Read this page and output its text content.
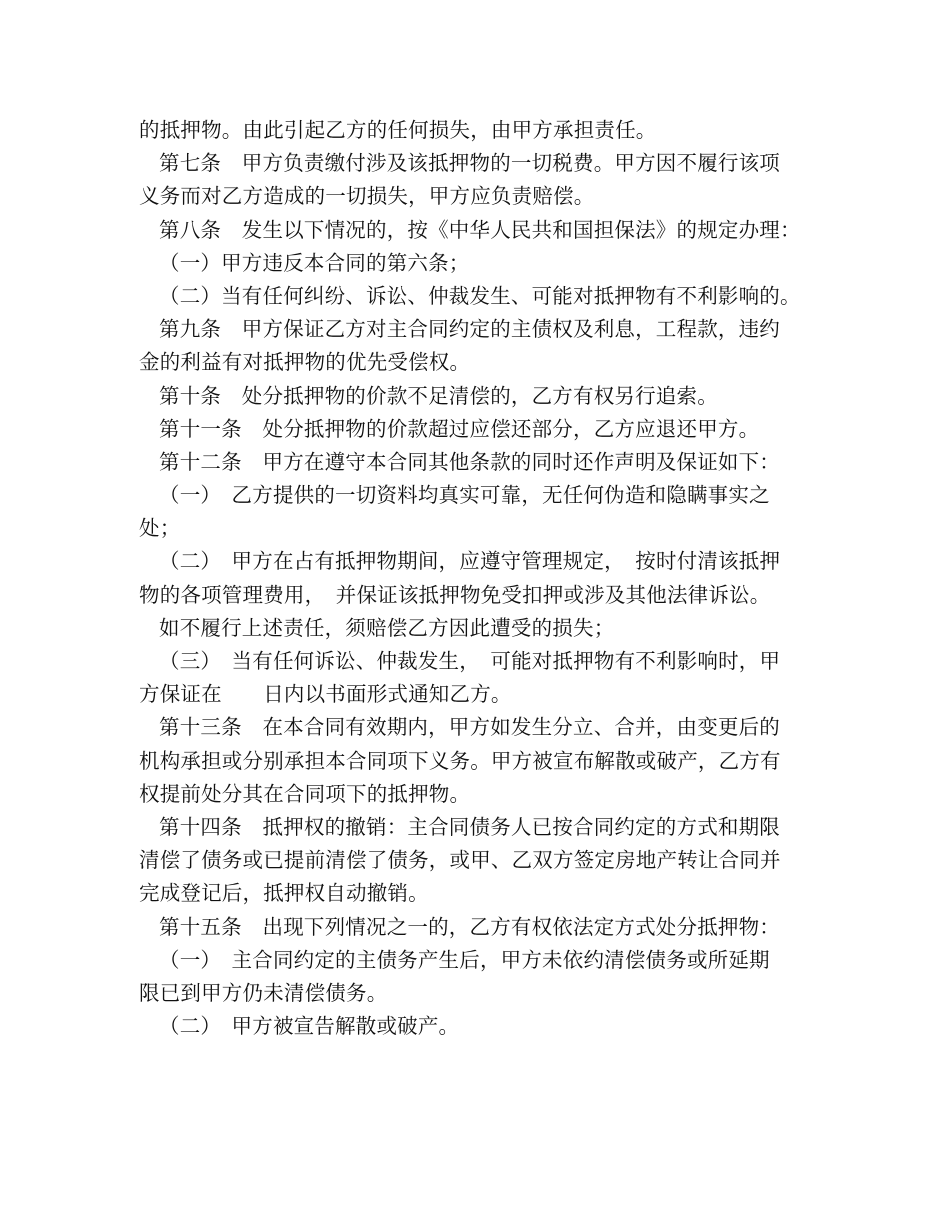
的抵押物。由此引起乙方的任何损失，由甲方承担责任。
第七条　甲方负责缴付涉及该抵押物的一切税费。甲方因不履行该项
义务而对乙方造成的一切损失，甲方应负责赔偿。
第八条　发生以下情况的，按《中华人民共和国担保法》的规定办理：
（一）甲方违反本合同的第六条；
（二）当有任何纠纷、诉讼、仲裁发生、可能对抵押物有不利影响的。
第九条　甲方保证乙方对主合同约定的主债权及利息，工程款，违约
金的利益有对抵押物的优先受偿权。
第十条　处分抵押物的价款不足清偿的，乙方有权另行追索。
第十一条　处分抵押物的价款超过应偿还部分，乙方应退还甲方。
第十二条　甲方在遵守本合同其他条款的同时还作声明及保证如下：
（一）　乙方提供的一切资料均真实可靠，无任何伪造和隐瞒事实之
处；
（二）　甲方在占有抵押物期间，应遵守管理规定，　按时付清该抵押
物的各项管理费用，　并保证该抵押物免受扣押或涉及其他法律诉讼。
如不履行上述责任，须赔偿乙方因此遭受的损失；
（三）　当有任何诉讼、仲裁发生，　可能对抵押物有不利影响时，甲
方保证在　　日内以书面形式通知乙方。
第十三条　在本合同有效期内，甲方如发生分立、合并，由变更后的
机构承担或分别承担本合同项下义务。甲方被宣布解散或破产，乙方有
权提前处分其在合同项下的抵押物。
第十四条　抵押权的撤销：主合同债务人已按合同约定的方式和期限
清偿了债务或已提前清偿了债务，或甲、乙双方签定房地产转让合同并
完成登记后，抵押权自动撤销。
第十五条　出现下列情况之一的，乙方有权依法定方式处分抵押物：
（一）　主合同约定的主债务产生后，甲方未依约清偿债务或所延期
限已到甲方仍未清偿债务。
（二）　甲方被宣告解散或破产。
